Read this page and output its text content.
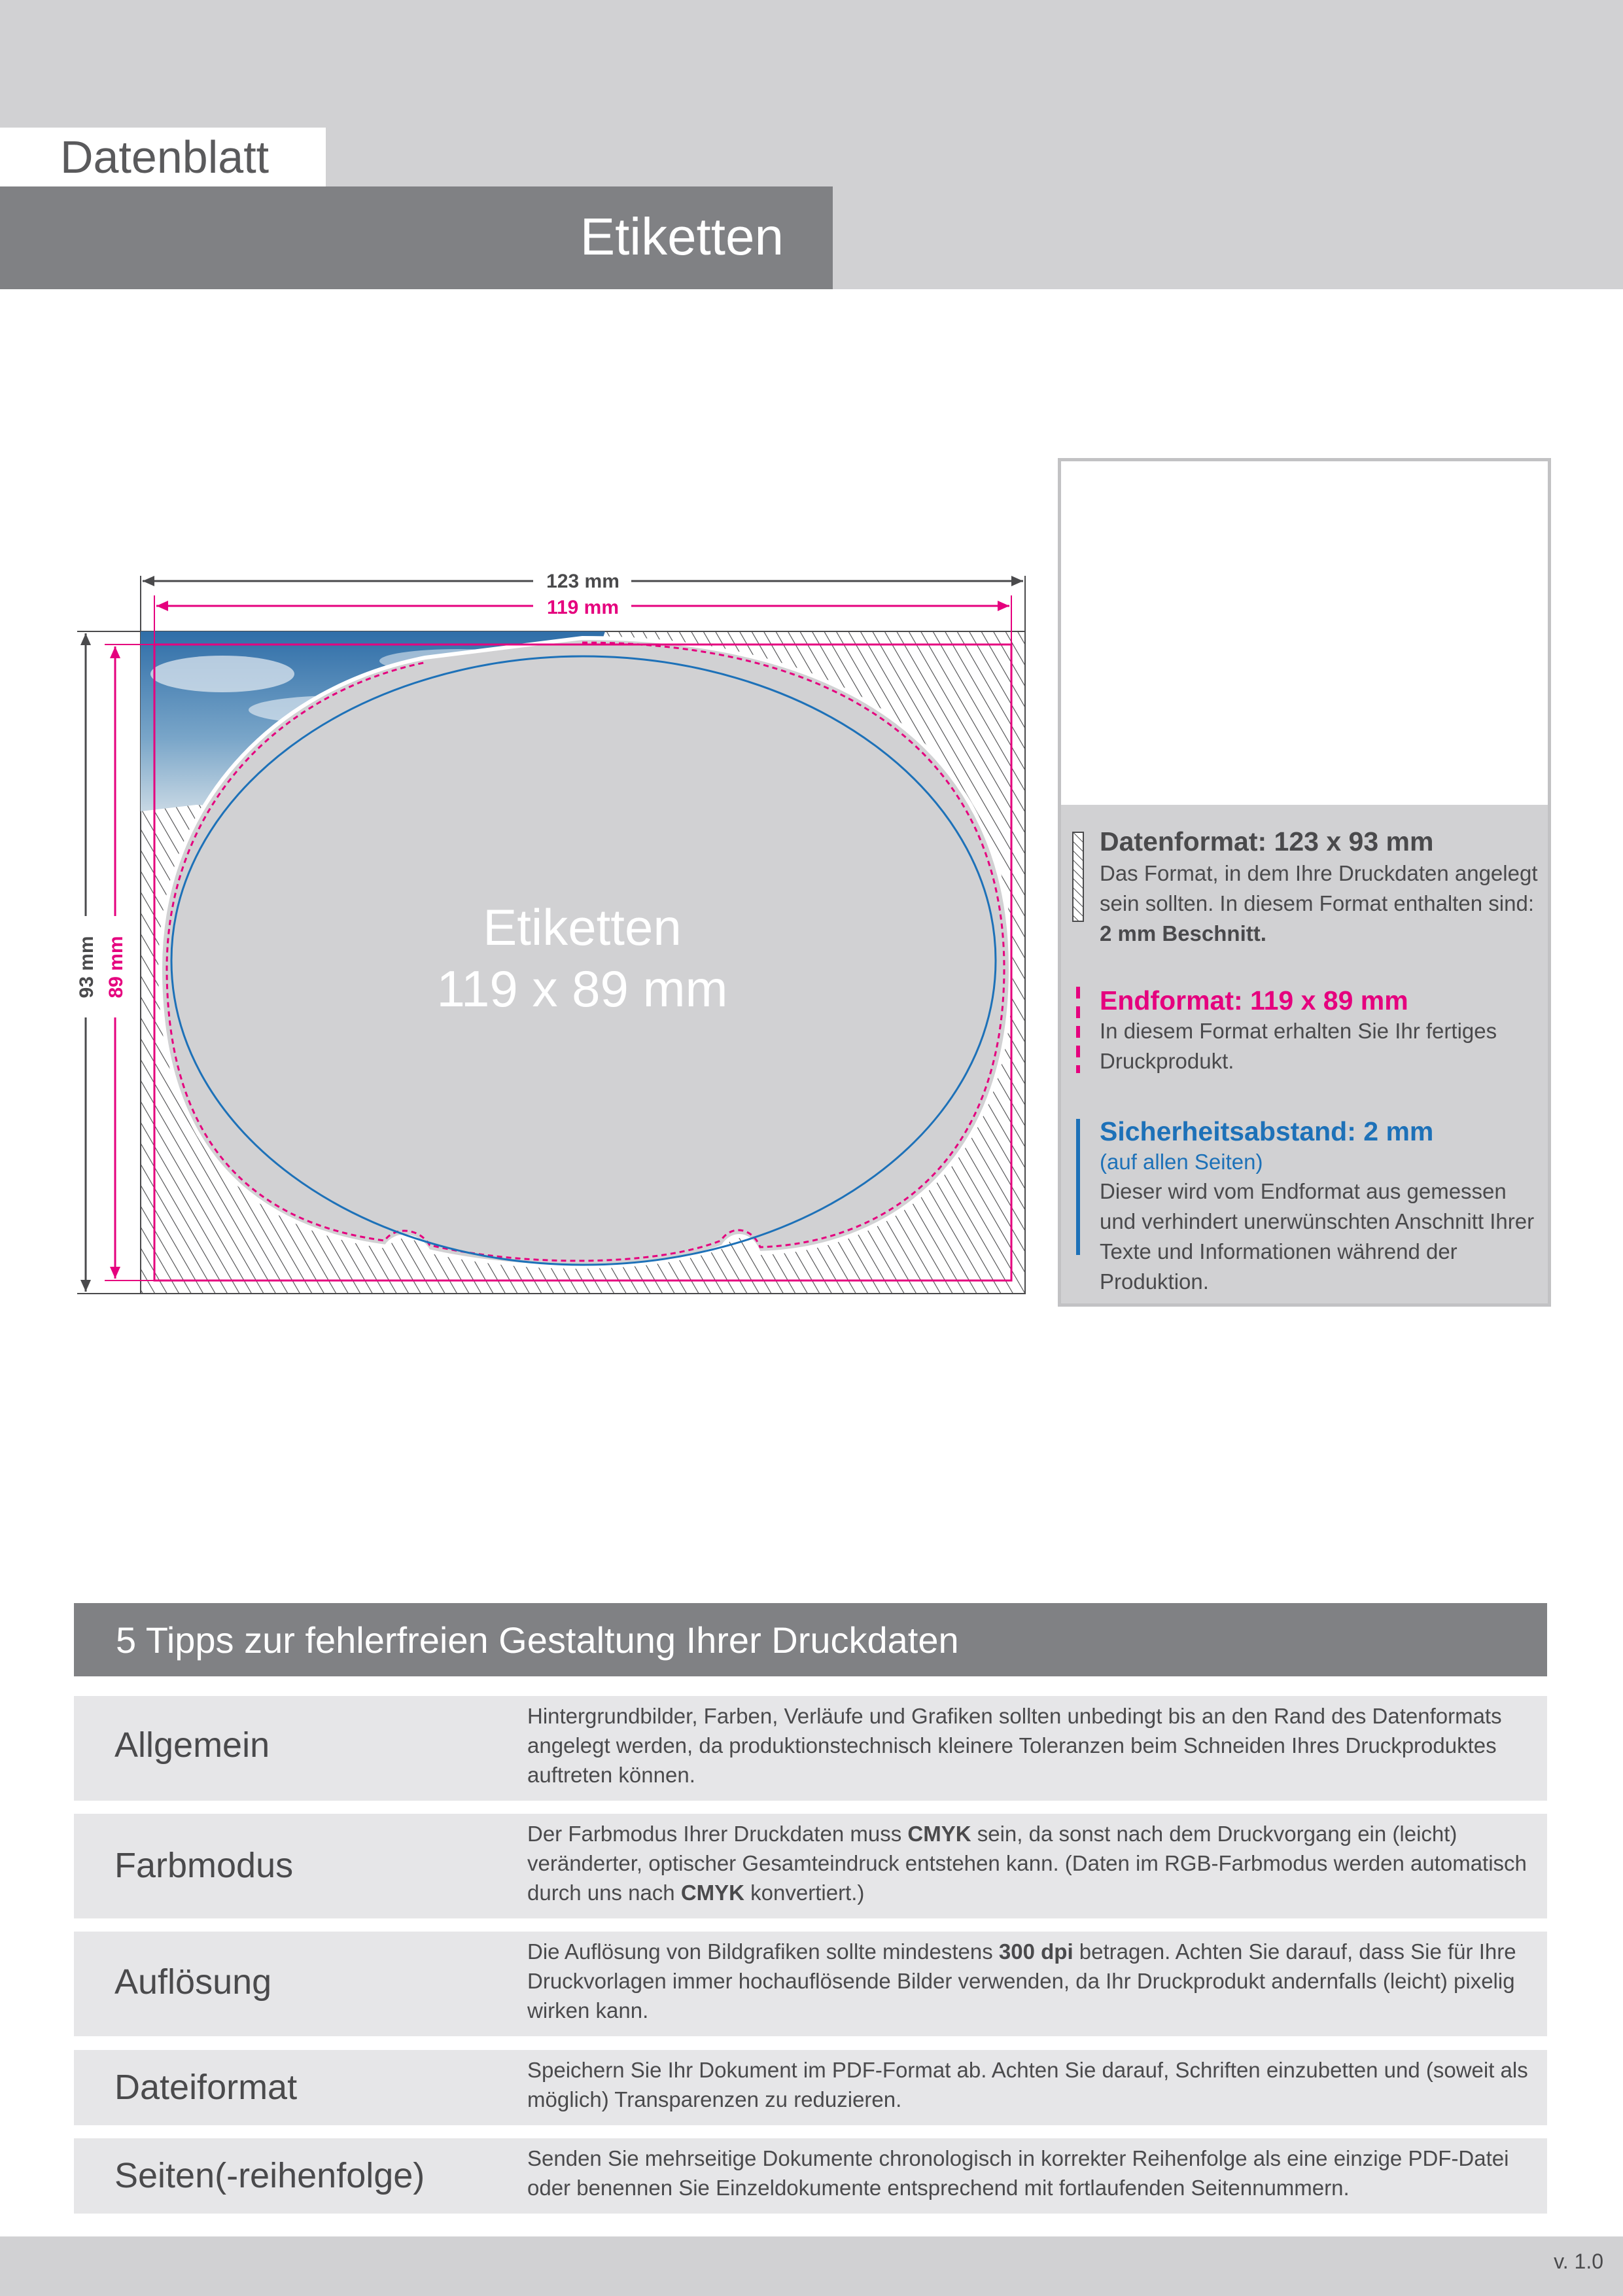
Datenblatt
Etiketten
123 mm
119 mm
93 mm 89 mm
Etiketten
119 x 89 mm
Datenformat: 123 x 93 mm
Das Format, in dem Ihre Druckdaten angelegt sein sollten. In diesem Format enthalten sind: 2 mm Beschnitt.
Endformat: 119 x 89 mm
In diesem Format erhalten Sie Ihr fertiges Druckprodukt.
Sicherheitsabstand: 2 mm
(auf allen Seiten)
Dieser wird vom Endformat aus gemessen und verhindert unerwünschten Anschnitt Ihrer Texte und Informationen während der Produktion.
5 Tipps zur fehlerfreien Gestaltung Ihrer Druckdaten
Allgemein
Hintergrundbilder, Farben, Verläufe und Grafiken sollten unbedingt bis an den Rand des Datenformats angelegt werden, da produktionstechnisch kleinere Toleranzen beim Schneiden Ihres Druckproduktes auftreten können.
Farbmodus
Der Farbmodus Ihrer Druckdaten muss CMYK sein, da sonst nach dem Druckvorgang ein (leicht) veränderter, optischer Gesamteindruck entstehen kann. (Daten im RGB-Farbmodus werden automatisch durch uns nach CMYK konvertiert.)
Auflösung
Die Auflösung von Bildgrafiken sollte mindestens 300 dpi betragen. Achten Sie darauf, dass Sie für Ihre Druckvorlagen immer hochauflösende Bilder verwenden, da Ihr Druckprodukt andernfalls (leicht) pixelig wirken kann.
Dateiformat	Speichern Sie Ihr Dokument im PDF-Format ab. Achten Sie darauf, Schriften einzubetten und (soweit als möglich) Transparenzen zu reduzieren.
Seiten(-reihenfolge)	Senden Sie mehrseitige Dokumente chronologisch in korrekter Reihenfolge als eine einzige PDF-Datei oder benennen Sie Einzeldokumente entsprechend mit fortlaufenden Seitennummern.
v. 1.0
